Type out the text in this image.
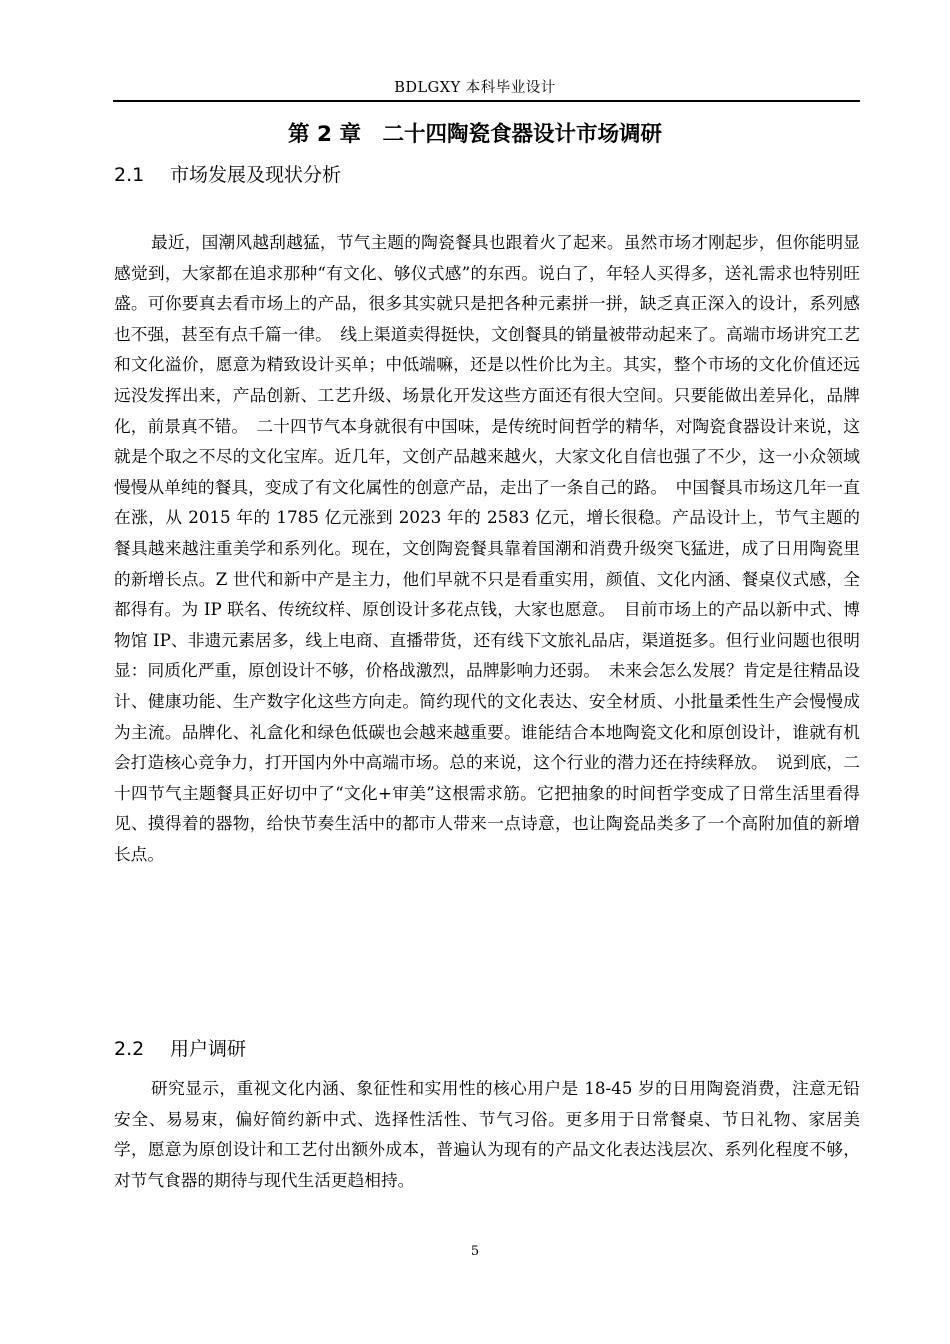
BDLGXY 本科毕业设计
第 2 章　二十四陶瓷食器设计市场调研
2.1 市场发展及现状分析

最近，国潮风越刮越猛，节气主题的陶瓷餐具也跟着火了起来。虽然市场才刚起步，但你能明显感觉到，大家都在追求那种“有文化、够仪式感”的东西。说白了，年轻人买得多，送礼需求也特别旺盛。可你要真去看市场上的产品，很多其实就只是把各种元素拼一拼，缺乏真正深入的设计，系列感也不强，甚至有点千篇一律。　线上渠道卖得挺快，文创餐具的销量被带动起来了。高端市场讲究工艺和文化溢价，愿意为精致设计买单；中低端嘛，还是以性价比为主。其实，整个市场的文化价值还远远没发挥出来，产品创新、工艺升级、场景化开发这些方面还有很大空间。只要能做出差异化，品牌化，前景真不错。　二十四节气本身就很有中国味，是传统时间哲学的精华，对陶瓷食器设计来说，这就是个取之不尽的文化宝库。近几年，文创产品越来越火，大家文化自信也强了不少，这一小众领域慢慢从单纯的餐具，变成了有文化属性的创意产品，走出了一条自己的路。　中国餐具市场这几年一直在涨，从 2015 年的 1785 亿元涨到 2023 年的 2583 亿元，增长很稳。产品设计上，节气主题的餐具越来越注重美学和系列化。现在，文创陶瓷餐具靠着国潮和消费升级突飞猛进，成了日用陶瓷里的新增长点。Z 世代和新中产是主力，他们早就不只是看重实用，颜值、文化内涵、餐桌仪式感，全都得有。为 IP 联名、传统纹样、原创设计多花点钱，大家也愿意。　目前市场上的产品以新中式、博物馆 IP、非遗元素居多，线上电商、直播带货，还有线下文旅礼品店，渠道挺多。但行业问题也很明显：同质化严重，原创设计不够，价格战激烈，品牌影响力还弱。　未来会怎么发展？肯定是往精品设计、健康功能、生产数字化这些方向走。简约现代的文化表达、安全材质、小批量柔性生产会慢慢成为主流。品牌化、礼盒化和绿色低碳也会越来越重要。谁能结合本地陶瓷文化和原创设计，谁就有机会打造核心竞争力，打开国内外中高端市场。总的来说，这个行业的潜力还在持续释放。　说到底，二十四节气主题餐具正好切中了“文化+审美”这根需求筋。它把抽象的时间哲学变成了日常生活里看得见、摸得着的器物，给快节奏生活中的都市人带来一点诗意，也让陶瓷品类多了一个高附加值的新增长点。

2.2 用户调研

研究显示，重视文化内涵、象征性和实用性的核心用户是 18-45 岁的日用陶瓷消费，注意无铅安全、易易束，偏好简约新中式、选择性活性、节气习俗。更多用于日常餐桌、节日礼物、家居美学，愿意为原创设计和工艺付出额外成本，普遍认为现有的产品文化表达浅层次、系列化程度不够，对节气食器的期待与现代生活更趋相持。

5
